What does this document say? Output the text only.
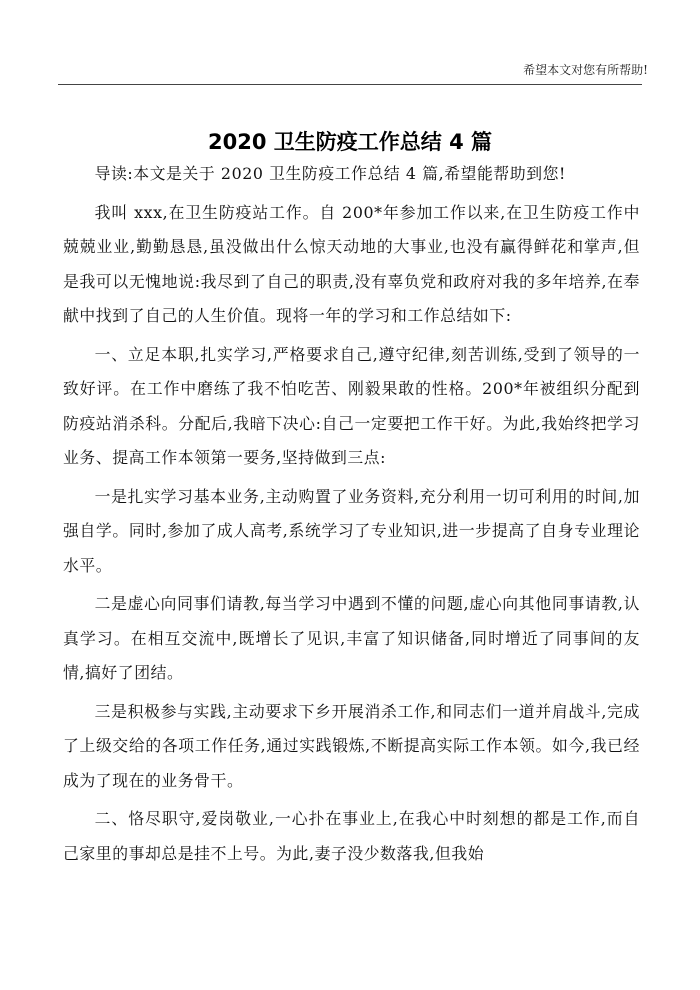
希望本文对您有所帮助!
2020 卫生防疫工作总结 4 篇

导读:本文是关于 2020 卫生防疫工作总结 4 篇,希望能帮助到您!

我叫 xxx,在卫生防疫站工作。自 200*年参加工作以来,在卫生防疫工作中兢兢业业,勤勤恳恳,虽没做出什么惊天动地的大事业,也没有赢得鲜花和掌声,但是我可以无愧地说:我尽到了自己的职责,没有辜负党和政府对我的多年培养,在奉献中找到了自己的人生价值。现将一年的学习和工作总结如下:

一、立足本职,扎实学习,严格要求自己,遵守纪律,刻苦训练,受到了领导的一致好评。在工作中磨练了我不怕吃苦、刚毅果敢的性格。200*年被组织分配到防疫站消杀科。分配后,我暗下决心:自己一定要把工作干好。为此,我始终把学习业务、提高工作本领第一要务,坚持做到三点:

一是扎实学习基本业务,主动购置了业务资料,充分利用一切可利用的时间,加强自学。同时,参加了成人高考,系统学习了专业知识,进一步提高了自身专业理论水平。

二是虚心向同事们请教,每当学习中遇到不懂的问题,虚心向其他同事请教,认真学习。在相互交流中,既增长了见识,丰富了知识储备,同时增近了同事间的友情,搞好了团结。

三是积极参与实践,主动要求下乡开展消杀工作,和同志们一道并肩战斗,完成了上级交给的各项工作任务,通过实践锻炼,不断提高实际工作本领。如今,我已经成为了现在的业务骨干。

二、恪尽职守,爱岗敬业,一心扑在事业上,在我心中时刻想的都是工作,而自己家里的事却总是挂不上号。为此,妻子没少数落我,但我始
